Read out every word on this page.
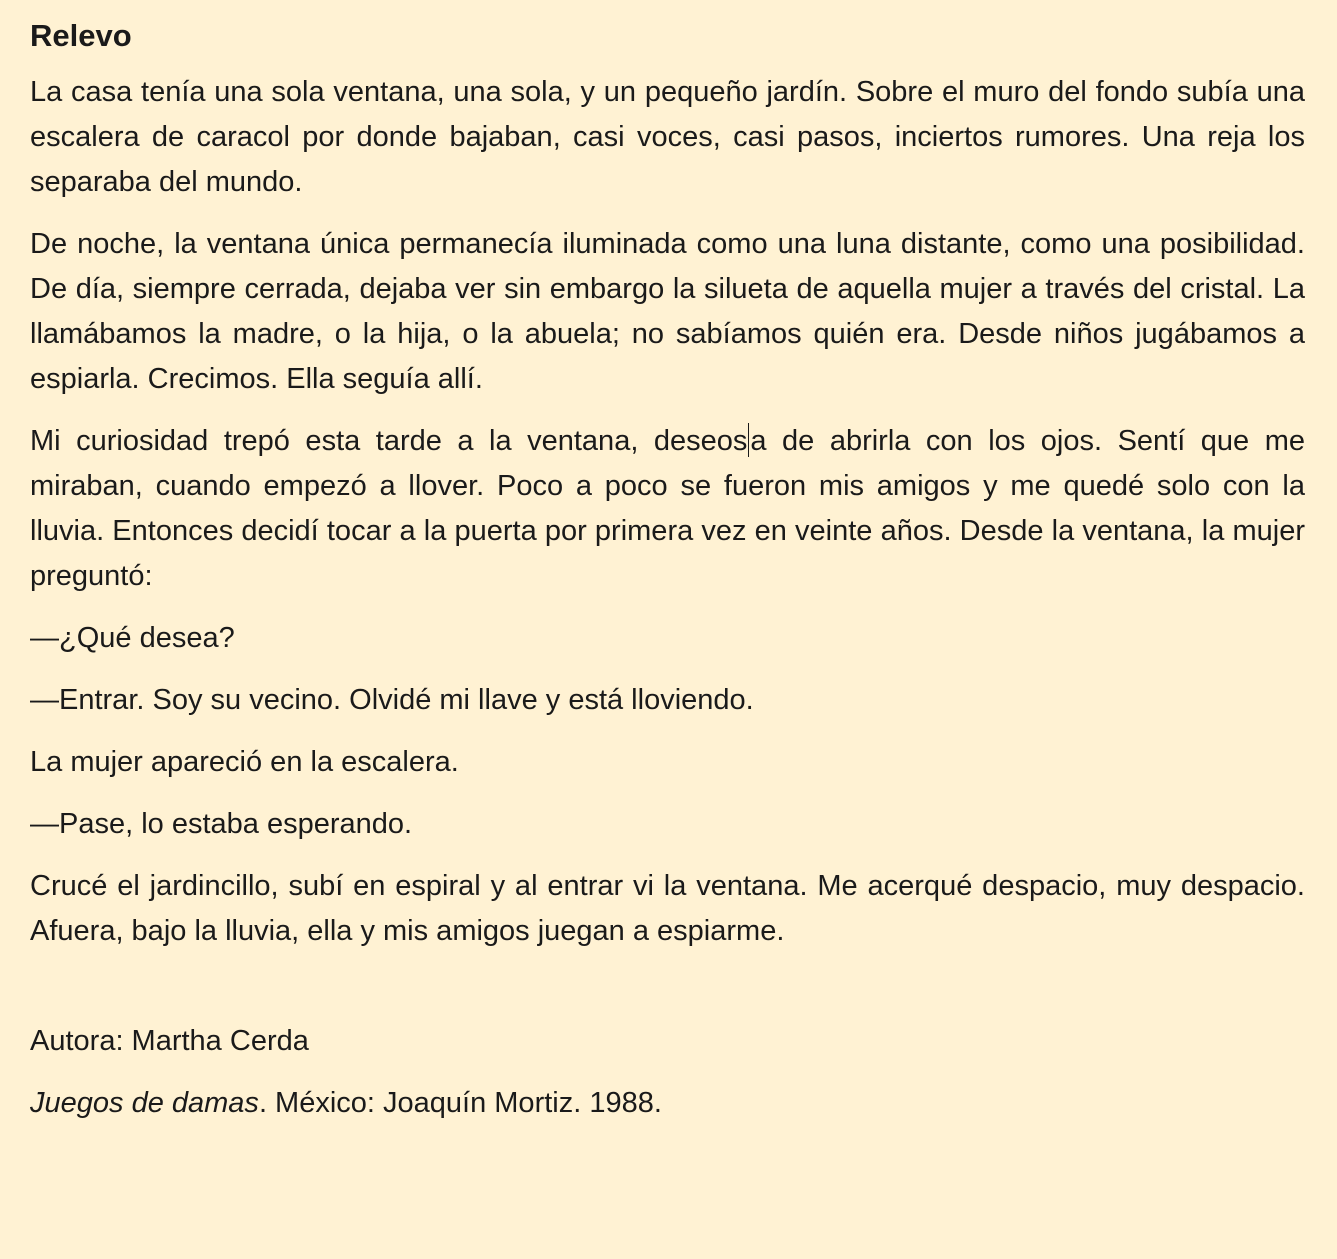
Relevo

La casa tenía una sola ventana, una sola, y un pequeño jardín. Sobre el muro del fondo subía una escalera de caracol por donde bajaban, casi voces, casi pasos, inciertos rumores. Una reja los separaba del mundo.

De noche, la ventana única permanecía iluminada como una luna distante, como una posibilidad. De día, siempre cerrada, dejaba ver sin embargo la silueta de aquella mujer a través del cristal. La llamábamos la madre, o la hija, o la abuela; no sabíamos quién era. Desde niños jugábamos a espiarla. Crecimos. Ella seguía allí.

Mi curiosidad trepó esta tarde a la ventana, deseos a de abrirla con los ojos. Sentí que me miraban, cuando empezó a llover. Poco a poco se fueron mis amigos y me quedé solo con la lluvia. Entonces decidí tocar a la puerta por primera vez en veinte años. Desde la ventana, la mujer preguntó:

—¿Qué desea?

—Entrar. Soy su vecino. Olvidé mi llave y está lloviendo.

La mujer apareció en la escalera.

—Pase, lo estaba esperando.

Crucé el jardincillo, subí en espiral y al entrar vi la ventana. Me acerqué despacio, muy despacio. Afuera, bajo la lluvia, ella y mis amigos juegan a espiarme.

Autora: Martha Cerda

Juegos de damas. México: Joaquín Mortiz. 1988.
